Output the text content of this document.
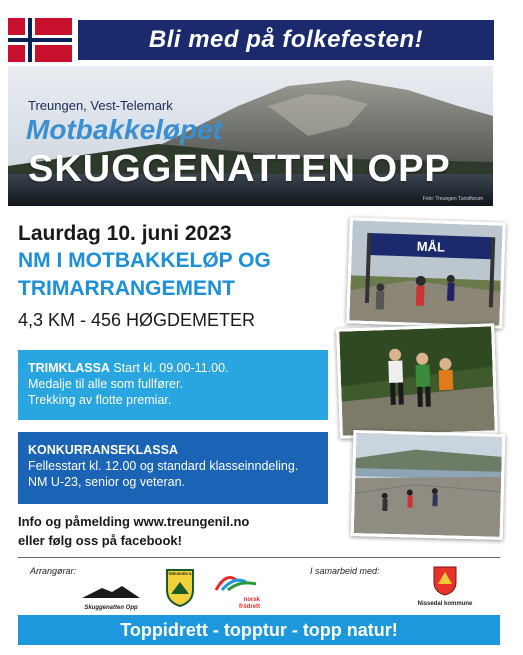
Bli med på folkefesten!
Treungen, Vest-Telemark
Motbakkeløpet
SKUGGENATTEN OPP
Foto: Treungen Turistforum
Laurdag 10. juni 2023
NM I MOTBAKKELØP OG
TRIMARRANGEMENT
4,3 KM - 456 HØGDEMETER
TRIMKLASSA Start kl. 09.00-11.00.
Medalje til alle som fullfører.
Trekking av flotte premiar.
KONKURRANSEKLASSA
Fellesstart kl. 12.00 og standard klasseinndeling.
NM U-23, senior og veteran.
Info og påmelding www.treungenil.no
eller følg oss på facebook!
MÅL
Arrangørar:	I samarbeid med:
Skuggenatten Opp
TREUNGEN IL
norsk
friidrett	Nissedal kommune
Toppidrett - topptur - topp natur!
